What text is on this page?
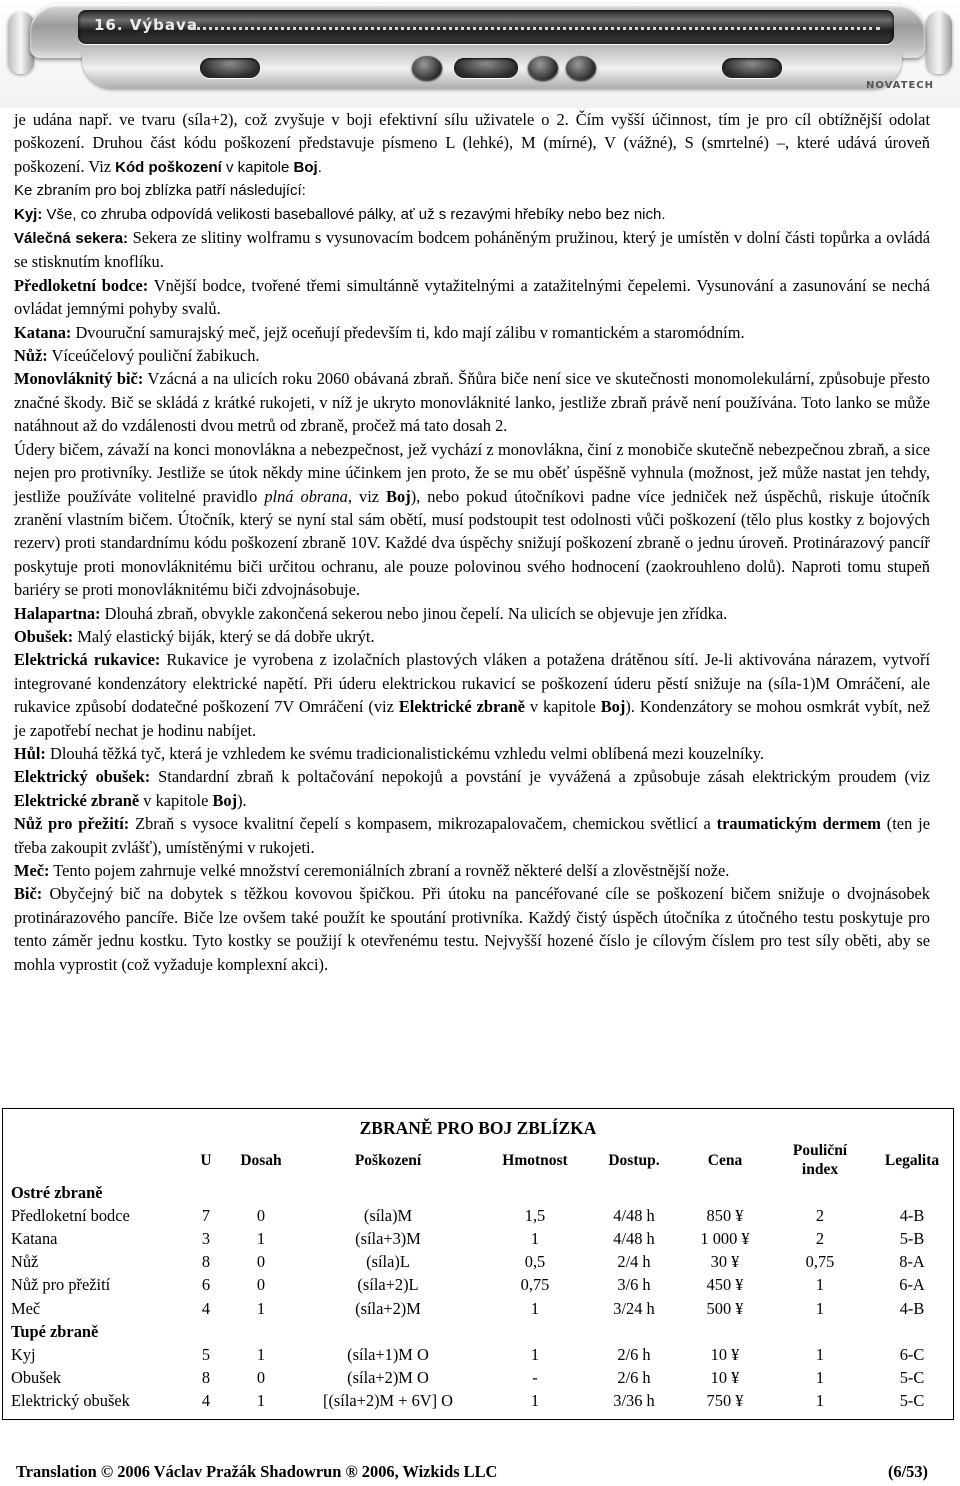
16. Výbava
NOVATECH

je udána např. ve tvaru (síla+2), což zvyšuje v boji efektivní sílu uživatele o 2. Čím vyšší účinnost, tím je pro cíl obtížnější odolat poškození. Druhou část kódu poškození představuje písmeno L (lehké), M (mírné), V (vážné), S (smrtelné) –, které udává úroveň poškození. Viz Kód poškození v kapitole Boj.

Ke zbraním pro boj zblízka patří následující:

Kyj: Vše, co zhruba odpovídá velikosti baseballové pálky, ať už s rezavými hřebíky nebo bez nich.

Válečná sekera: Sekera ze slitiny wolframu s vysunovacím bodcem poháněným pružinou, který je umístěn v dolní části topůrka a ovládá se stisknutím knoflíku.

Předloketní bodce: Vnější bodce, tvořené třemi simultánně vytažitelnými a zatažitelnými čepelemi. Vysunování a zasunování se nechá ovládat jemnými pohyby svalů.

Katana: Dvouruční samurajský meč, jejž oceňují především ti, kdo mají zálibu v romantickém a staromódním.

Nůž: Víceúčelový pouliční žabikuch.

Monovláknitý bič: Vzácná a na ulicích roku 2060 obávaná zbraň. Šňůra biče není sice ve skutečnosti monomolekulární, způsobuje přesto značné škody. Bič se skládá z krátké rukojeti, v níž je ukryto monovláknité lanko, jestliže zbraň právě není používána. Toto lanko se může natáhnout až do vzdálenosti dvou metrů od zbraně, pročež má tato dosah 2.

Údery bičem, závaží na konci monovlákna a nebezpečnost, jež vychází z monovlákna, činí z monobiče skutečně nebezpečnou zbraň, a sice nejen pro protivníky. Jestliže se útok někdy mine účinkem jen proto, že se mu oběť úspěšně vyhnula (možnost, jež může nastat jen tehdy, jestliže používáte volitelné pravidlo plná obrana, viz Boj), nebo pokud útočníkovi padne více jedniček než úspěchů, riskuje útočník zranění vlastním bičem. Útočník, který se nyní stal sám obětí, musí podstoupit test odolnosti vůči poškození (tělo plus kostky z bojových rezerv) proti standardnímu kódu poškození zbraně 10V. Každé dva úspěchy snižují poškození zbraně o jednu úroveň. Protinárazový pancíř poskytuje proti monovláknitému biči určitou ochranu, ale pouze polovinou svého hodnocení (zaokrouhleno dolů). Naproti tomu stupeň bariéry se proti monovláknitému biči zdvojnásobuje.

Halapartna: Dlouhá zbraň, obvykle zakončená sekerou nebo jinou čepelí. Na ulicích se objevuje jen zřídka.

Obušek: Malý elastický biják, který se dá dobře ukrýt.

Elektrická rukavice: Rukavice je vyrobena z izolačních plastových vláken a potažena drátěnou sítí. Je-li aktivována nárazem, vytvoří integrované kondenzátory elektrické napětí. Při úderu elektrickou rukavicí se poškození úderu pěstí snižuje na (síla-1)M Omráčení, ale rukavice způsobí dodatečné poškození 7V Omráčení (viz Elektrické zbraně v kapitole Boj). Kondenzátory se mohou osmkrát vybít, než je zapotřebí nechat je hodinu nabíjet.

Hůl: Dlouhá těžká tyč, která je vzhledem ke svému tradicionalistickému vzhledu velmi oblíbená mezi kouzelníky.

Elektrický obušek: Standardní zbraň k poltačování nepokojů a povstání je vyvážená a způsobuje zásah elektrickým proudem (viz Elektrické zbraně v kapitole Boj).

Nůž pro přežití: Zbraň s vysoce kvalitní čepelí s kompasem, mikrozapalovačem, chemickou světlicí a traumatickým dermem (ten je třeba zakoupit zvlášť), umístěnými v rukojeti.

Meč: Tento pojem zahrnuje velké množství ceremoniálních zbraní a rovněž některé delší a zlověstnější nože.

Bič: Obyčejný bič na dobytek s těžkou kovovou špičkou. Při útoku na pancéřované cíle se poškození bičem snižuje o dvojnásobek protinárazového pancíře. Biče lze ovšem také použít ke spoutání protivníka. Každý čistý úspěch útočníka z útočného testu poskytuje pro tento záměr jednu kostku. Tyto kostky se použijí k otevřenému testu. Nejvyšší hozené číslo je cílovým číslem pro test síly oběti, aby se mohla vyprostit (což vyžaduje komplexní akci).

ZBRANĚ PRO BOJ ZBLÍZKA								
	U	Dosah	Poškození	Hmotnost	Dostup.	Cena	Pouliční index	Legalita
Ostré zbraně								
Předloketní bodce	7	0	(síla)M	1,5	4/48 h	850 ¥	2	4-B
Katana	3	1	(síla+3)M	1	4/48 h	1 000 ¥	2	5-B
Nůž	8	0	(síla)L	0,5	2/4 h	30 ¥	0,75	8-A
Nůž pro přežití	6	0	(síla+2)L	0,75	3/6 h	450 ¥	1	6-A
Meč	4	1	(síla+2)M	1	3/24 h	500 ¥	1	4-B
Tupé zbraně								
Kyj	5	1	(síla+1)M O	1	2/6 h	10 ¥	1	6-C
Obušek	8	0	(síla+2)M O	-	2/6 h	10 ¥	1	5-C
Elektrický obušek	4	1	[(síla+2)M + 6V] O	1	3/36 h	750 ¥	1	5-C
Translation © 2006 Václav Pražák Shadowrun ® 2006, Wizkids LLC	(6/53)
